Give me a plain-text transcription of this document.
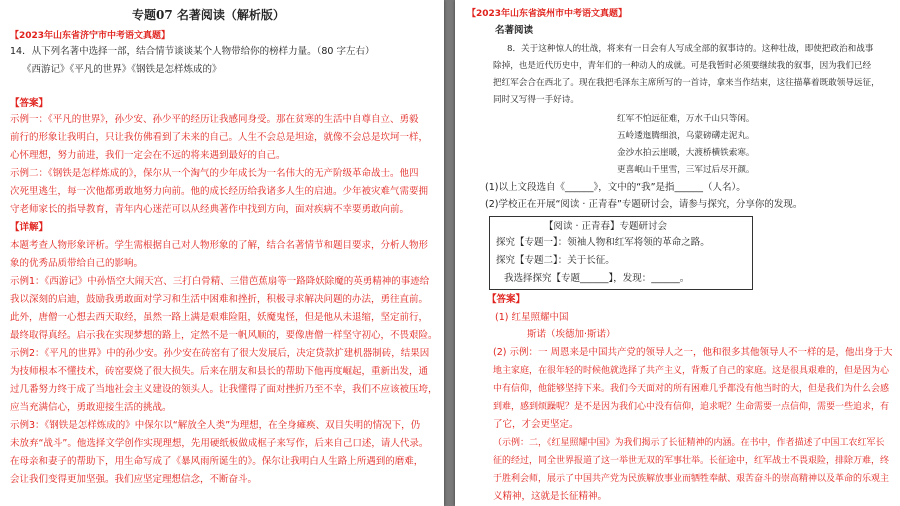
专题07 名著阅读（解析版）
【2023年山东省济宁市中考语文真题】
14．从下列名著中选择一部，结合情节谈谈某个人物带给你的榜样力量。（80 字左右）
《西游记》《平凡的世界》《钢铁是怎样炼成的》
【答案】
示例一：《平凡的世界》，孙少安、孙少平的经历让我感同身受。那在贫寒的生活中自尊自立、勇毅
前行的形象让我明白，只让我仿佛看到了未来的自己。人生不会总是坦途，就像不会总是坎坷一样，
心怀理想，努力前进，我们一定会在不远的将来遇到最好的自己。
示例二：《钢铁是怎样炼成的》，保尔从一个淘气的少年成长为一名伟大的无产阶级革命战士。他四
次死里逃生，每一次他都勇敢地努力向前。他的成长经历给我诸多人生的启迪。少年被灾难气需要拥
守老师家长的指导教育，青年内心迷茫可以从经典著作中找到方向，面对疾病不幸要勇敢向前。
【详解】
本题考查人物形象评析。学生需根据自己对人物形象的了解，结合名著情节和题目要求，分析人物形
象的优秀品质带给自己的影响。
示例1：《西游记》中孙悟空大闹天宫、三打白骨精、三借芭蕉扇等一路降妖除魔的英勇精神的事迹给
我以深刻的启迪，鼓励我勇敢面对学习和生活中困难和挫折，积极寻求解决问题的办法，勇往直前。
此外，唐僧一心想去西天取经，虽然一路上满是艰难险阻，妖魔鬼怪，但是他从未退缩，坚定前行，
最终取得真经。启示我在实现梦想的路上，定然不是一帆风顺的，要像唐僧一样坚守初心，不畏艰险。
示例2：《平凡的世界》中的孙少安。孙少安在砖窑有了很大发展后，决定贷款扩建机器制砖，结果因
为技师根本不懂技术，砖窑要烧了很大损失。后来在朋友和县长的帮助下他再度崛起，重新出发，通
过几番努力终于成了当地社会主义建设的领头人。让我懂得了面对挫折乃至不幸，我们不应该被压垮，
应当充满信心，勇敢迎接生活的挑战。
示例3：《钢铁是怎样炼成的》中保尔以“解放全人类”为理想，在全身瘫痪、双目失明的情况下，仍
未放弃“战斗”。他选择文学创作实现理想，先用硬纸板做成框子来写作，后来自己口述，请人代录。
在母亲和妻子的帮助下，用生命写成了《暴风雨所诞生的》。保尔让我明白人生路上所遇到的磨难，
会让我们变得更加坚强。我们应坚定理想信念，不断奋斗。
【2023年山东省滨州市中考语文真题】
名著阅读
8．关于这种惊人的壮战，将来有一日会有人写成全部的叙事诗的。这种壮战，即使把政治和战事
除掉，也是近代历史中，青年们的一种动人的成就。可是我暂时必须要继续我的叙事，因为我们已经
把红军会合在西北了。现在我把毛泽东主席所写的一首诗，拿来当作结束，这往描摹着既敢领导远征，
同时又写得一手好诗。
红军不怕远征难，万水千山只等闲。
五岭逶迤腾细浪，乌蒙磅礴走泥丸。
金沙水拍云崖暖，大渡桥横铁索寒。
更喜岷山千里雪，三军过后尽开颜。
(1)以上文段选自《______》，文中的“我”是指______（人名）。
(2)学校正在开展“阅读 · 正青春”专题研讨会，请参与探究，分享你的发现。
【阅读 · 正青春】专题研讨会
探究【专题一】：领袖人物和红军将领的革命之路。
探究【专题二】：关于长征。
我选择探究【专题______】，发现：______。
【答案】
(1) 红星照耀中国
斯诺（埃德加·斯诺）
(2) 示例：一 周恩来是中国共产党的领导人之一，他和很多其他领导人不一样的是，他出身于大
地主家庭，在很年轻的时候他就选择了共产主义，背叛了自己的家庭。这是很具艰难的，但是因为心
中有信仰，他能够坚持下来。我们今天面对的所有困难几乎都没有他当时的大，但是我们为什么会感
到难，感到烦躁呢？是不是因为我们心中没有信仰，追求呢？生命需要一点信仰，需要一些追求，有
了它，才会更坚定。
（示例：二，《红星照耀中国》为我们揭示了长征精神的内涵。在书中，作者描述了中国工农红军长
征的经过，同全世界报道了这一举世无双的军事壮举。长征途中，红军战士不畏艰险，排除万难，终
于胜利会师，展示了中国共产党为民族解放事业而牺牲奉献、艰苦奋斗的崇高精神以及革命的乐观主
义精神，这就是长征精神。
